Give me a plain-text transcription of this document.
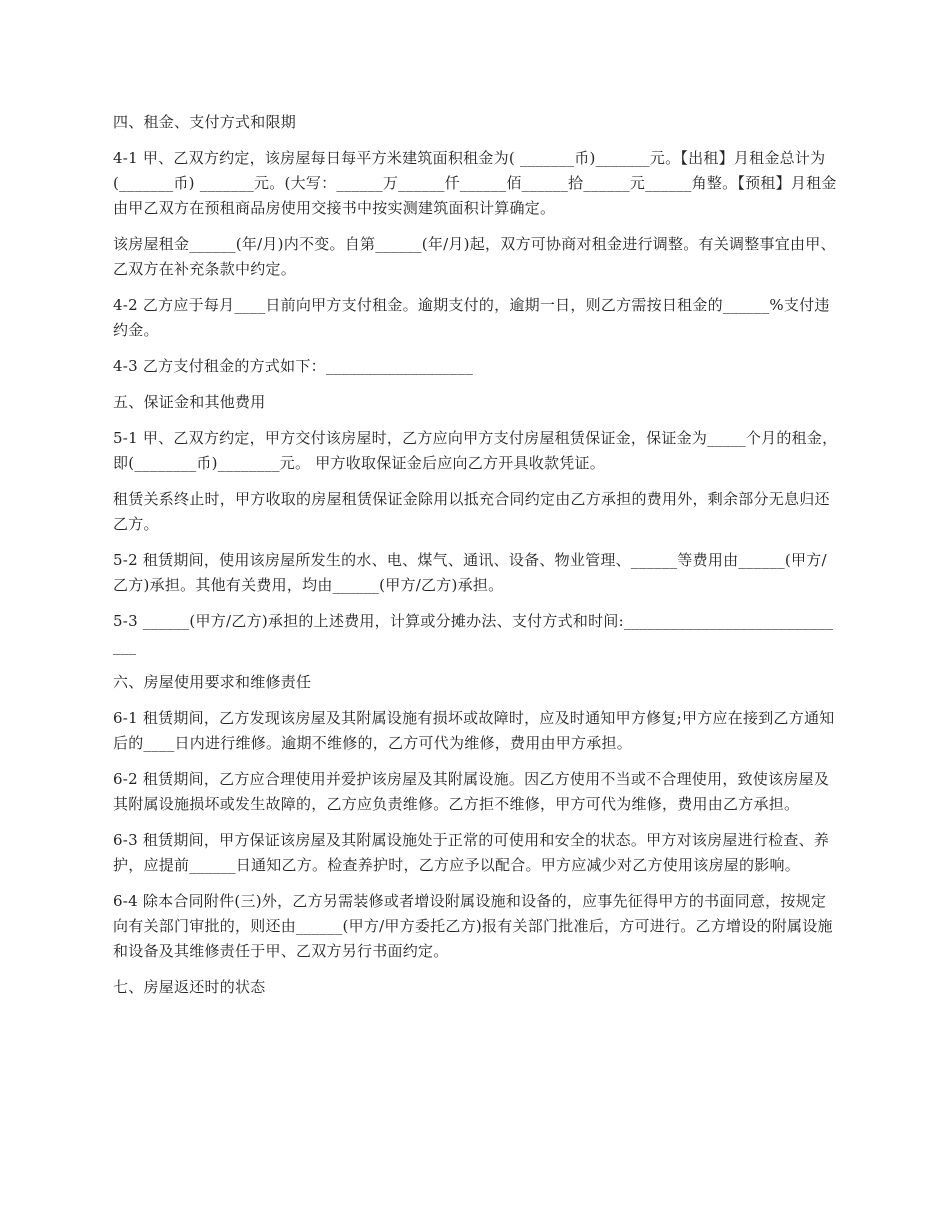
四、租金、支付方式和限期

4-1 甲、乙双方约定，该房屋每日每平方米建筑面积租金为( _______币)_______元。【出租】月租金总计为(_______币) _______元。(大写：______万______仟______佰______拾______元______角整。【预租】月租金由甲乙双方在预租商品房使用交接书中按实测建筑面积计算确定。

该房屋租金______(年/月)内不变。自第______(年/月)起，双方可协商对租金进行调整。有关调整事宜由甲、乙双方在补充条款中约定。

4-2 乙方应于每月____日前向甲方支付租金。逾期支付的，逾期一日，则乙方需按日租金的______%支付违约金。

4-3 乙方支付租金的方式如下：___________________

五、保证金和其他费用

5-1 甲、乙双方约定，甲方交付该房屋时，乙方应向甲方支付房屋租赁保证金，保证金为_____个月的租金，即(________币)________元。 甲方收取保证金后应向乙方开具收款凭证。

租赁关系终止时，甲方收取的房屋租赁保证金除用以抵充合同约定由乙方承担的费用外，剩余部分无息归还乙方。

5-2 租赁期间，使用该房屋所发生的水、电、煤气、通讯、设备、物业管理、______等费用由______(甲方/乙方)承担。其他有关费用，均由______(甲方/乙方)承担。

5-3 ______(甲方/乙方)承担的上述费用，计算或分摊办法、支付方式和时间:______________________________

六、房屋使用要求和维修责任

6-1 租赁期间，乙方发现该房屋及其附属设施有损坏或故障时，应及时通知甲方修复;甲方应在接到乙方通知后的____日内进行维修。逾期不维修的，乙方可代为维修，费用由甲方承担。

6-2 租赁期间，乙方应合理使用并爱护该房屋及其附属设施。因乙方使用不当或不合理使用，致使该房屋及其附属设施损坏或发生故障的，乙方应负责维修。乙方拒不维修，甲方可代为维修，费用由乙方承担。

6-3 租赁期间，甲方保证该房屋及其附属设施处于正常的可使用和安全的状态。甲方对该房屋进行检查、养护，应提前______日通知乙方。检查养护时，乙方应予以配合。甲方应减少对乙方使用该房屋的影响。

6-4 除本合同附件(三)外，乙方另需装修或者增设附属设施和设备的，应事先征得甲方的书面同意，按规定向有关部门审批的，则还由______(甲方/甲方委托乙方)报有关部门批准后，方可进行。乙方增设的附属设施和设备及其维修责任于甲、乙双方另行书面约定。

七、房屋返还时的状态
